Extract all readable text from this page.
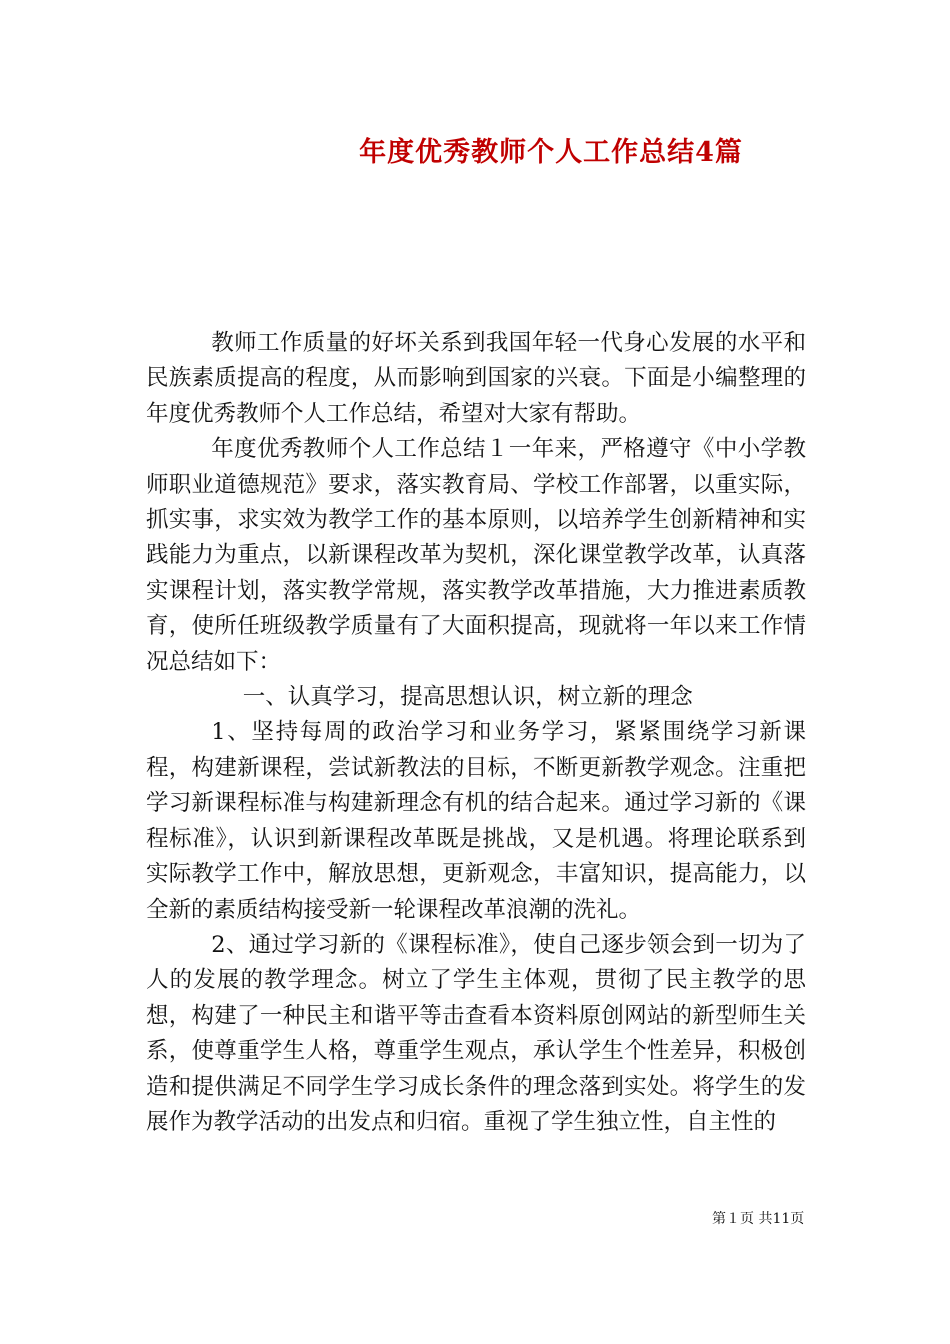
年度优秀教师个人工作总结4篇

教师工作质量的好坏关系到我国年轻一代身心发展的水平和民族素质提高的程度，从而影响到国家的兴衰。下面是小编整理的年度优秀教师个人工作总结，希望对大家有帮助。

年度优秀教师个人工作总结１一年来，严格遵守《中小学教师职业道德规范》要求，落实教育局、学校工作部署，以重实际，抓实事，求实效为教学工作的基本原则，以培养学生创新精神和实践能力为重点，以新课程改革为契机，深化课堂教学改革，认真落实课程计划，落实教学常规，落实教学改革措施，大力推进素质教育，使所任班级教学质量有了大面积提高，现就将一年以来工作情况总结如下：

一、认真学习，提高思想认识，树立新的理念

1、坚持每周的政治学习和业务学习，紧紧围绕学习新课程，构建新课程，尝试新教法的目标，不断更新教学观念。注重把学习新课程标准与构建新理念有机的结合起来。通过学习新的《课程标准》，认识到新课程改革既是挑战，又是机遇。将理论联系到实际教学工作中，解放思想，更新观念，丰富知识，提高能力，以全新的素质结构接受新一轮课程改革浪潮的洗礼。

2、通过学习新的《课程标准》，使自己逐步领会到一切为了人的发展的教学理念。树立了学生主体观，贯彻了民主教学的思想，构建了一种民主和谐平等击查看本资料原创网站的新型师生关系，使尊重学生人格，尊重学生观点，承认学生个性差异，积极创造和提供满足不同学生学习成长条件的理念落到实处。将学生的发展作为教学活动的出发点和归宿。重视了学生独立性，自主性的

第１页 共11页
